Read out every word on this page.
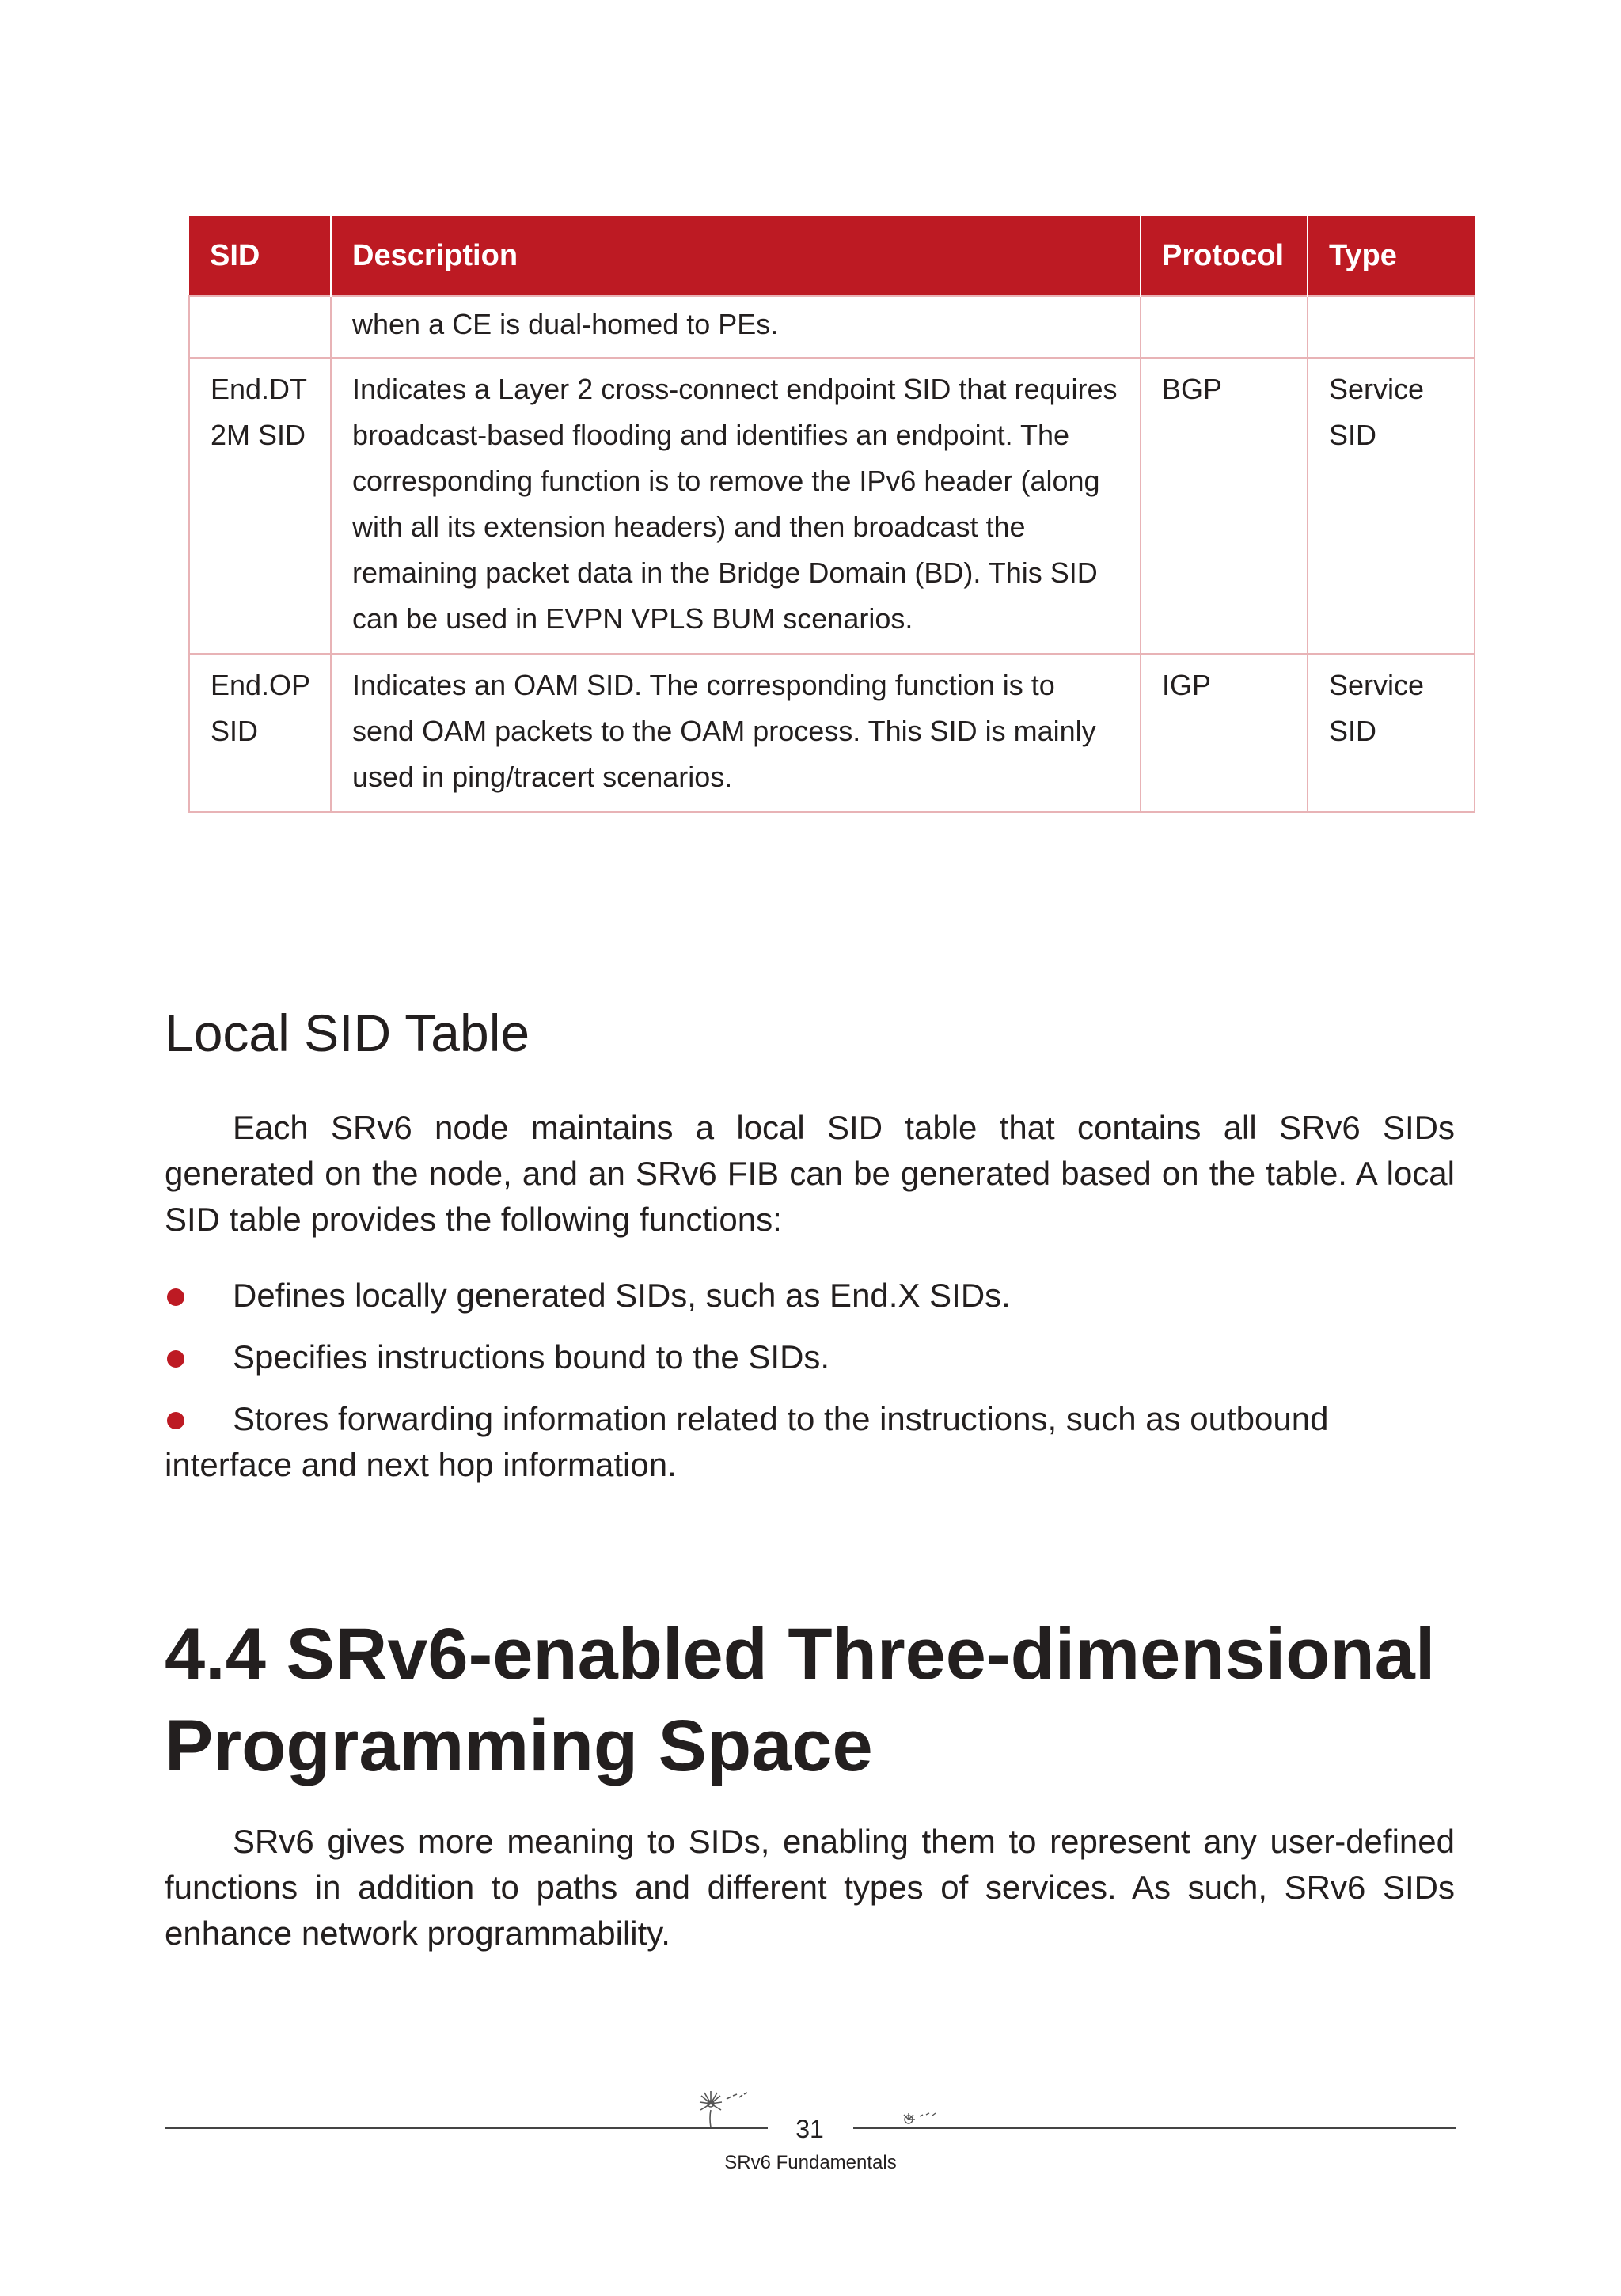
SID	Description	Protocol	Type
	when a CE is dual-homed to PEs.		
End.DT 2M SID	Indicates a Layer 2 cross-connect endpoint SID that requires broadcast-based flooding and identifies an endpoint. The corresponding function is to remove the IPv6 header (along with all its extension headers) and then broadcast the remaining packet data in the Bridge Domain (BD). This SID can be used in EVPN VPLS BUM scenarios.	BGP	Service SID
End.OP SID	Indicates an OAM SID. The corresponding function is to send OAM packets to the OAM process. This SID is mainly used in ping/tracert scenarios.	IGP	Service SID
Local SID Table

Each SRv6 node maintains a local SID table that contains all SRv6 SIDs generated on the node, and an SRv6 FIB can be generated based on the table. A local SID table provides the following functions:

Defines locally generated SIDs, such as End.X SIDs.
Specifies instructions bound to the SIDs.
Stores forwarding information related to the instructions, such as outbound interface and next hop information.
4.4 SRv6-enabled Three-dimensional Programming Space

SRv6 gives more meaning to SIDs, enabling them to represent any user-defined functions in addition to paths and different types of services. As such, SRv6 SIDs enhance network programmability.

31
SRv6 Fundamentals
